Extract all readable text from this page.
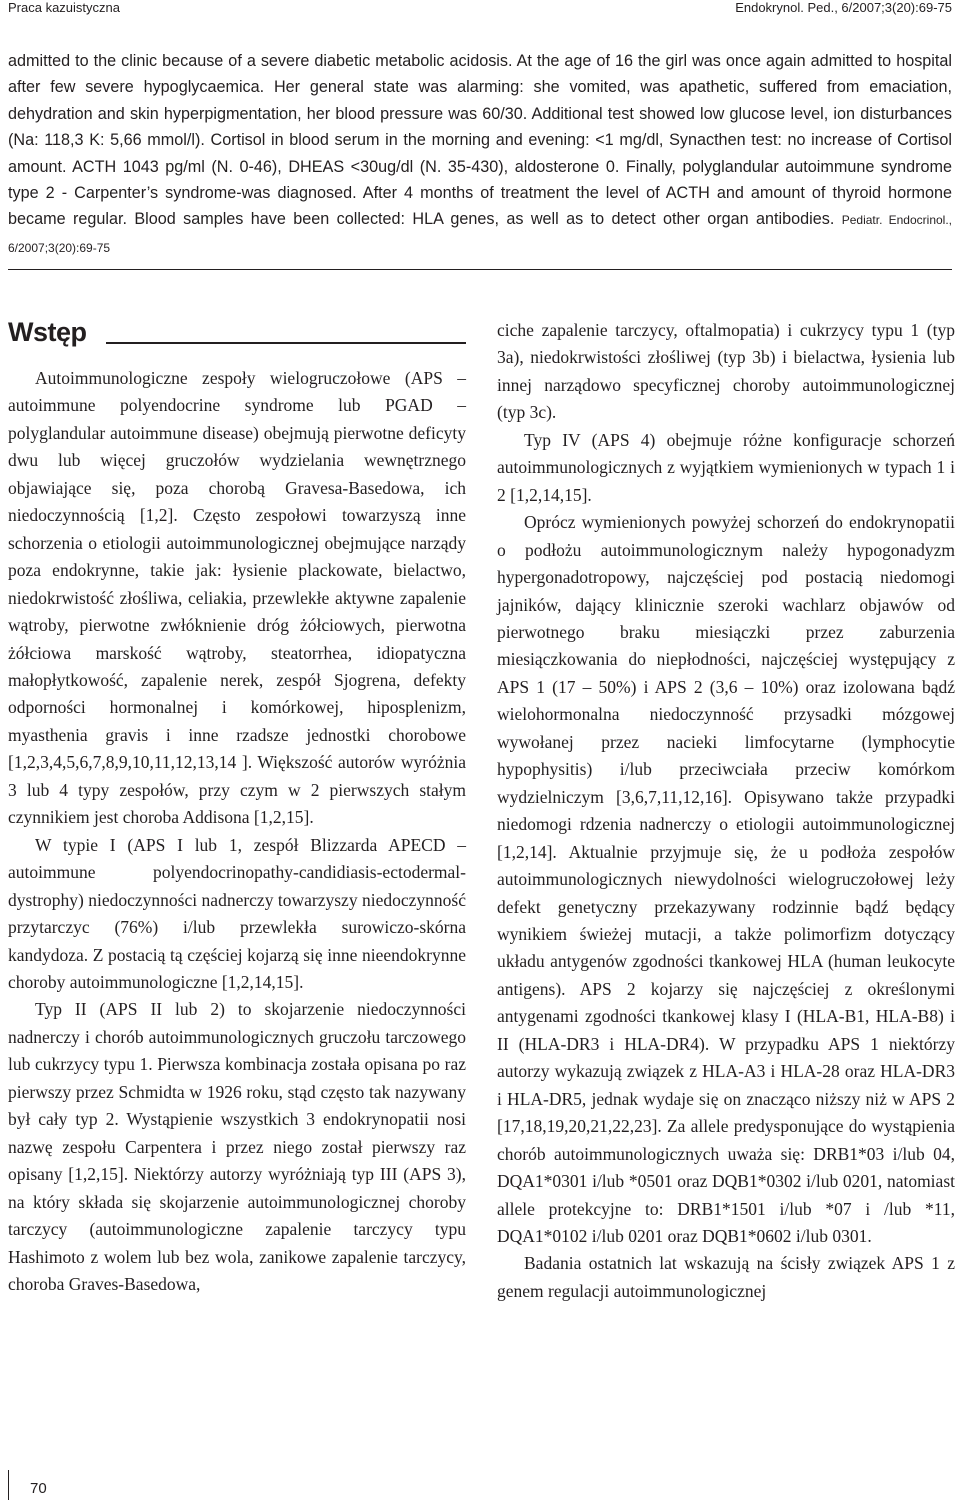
Praca kazuistyczna	Endokrynol. Ped., 6/2007;3(20):69-75
admitted to the clinic because of a severe diabetic metabolic acidosis. At the age of 16 the girl was once again admitted to hospital after few severe hypoglycaemica. Her general state was alarming: she vomited, was apathetic, suffered from emaciation, dehydration and skin hyperpigmentation, her blood pressure was 60/30. Additional test showed low glucose level, ion disturbances (Na: 118,3 K: 5,66 mmol/l). Cortisol in blood serum in the morning and evening: <1 mg/dl, Synacthen test: no increase of Cortisol amount. ACTH 1043 pg/ml (N. 0-46), DHEAS <30ug/dl (N. 35-430), aldosterone 0. Finally, polyglandular autoimmune syndrome type 2 - Carpenter’s syndrome-was diagnosed. After 4 months of treatment the level of ACTH and amount of thyroid hormone became regular. Blood samples have been collected: HLA genes, as well as to detect other organ antibodies. Pediatr. Endocrinol., 6/2007;3(20):69-75
Wstęp

Autoimmunologiczne zespoły wielogruczołowe (APS – autoimmune polyendocrine syndrome lub PGAD – polyglandular autoimmune disease) obejmują pierwotne deficyty dwu lub więcej gruczołów wydzielania wewnętrznego objawiające się, poza chorobą Gravesa-Basedowa, ich niedoczynnością [1,2]. Często zespołowi towarzyszą inne schorzenia o etiologii autoimmunologicznej obejmujące narządy poza endokrynne, takie jak: łysienie plackowate, bielactwo, niedokrwistość złośliwa, celiakia, przewlekłe aktywne zapalenie wątroby, pierwotne zwłóknienie dróg żółciowych, pierwotna żółciowa marskość wątroby, steatorrhea, idiopatyczna małopłytkowość, zapalenie nerek, zespół Sjogrena, defekty odporności hormonalnej i komórkowej, hiposplenizm, myasthenia gravis i inne rzadsze jednostki chorobowe [1,2,3,4,5,6,7,8,9,10,11,12,13,14 ]. Większość autorów wyróżnia 3 lub 4 typy zespołów, przy czym w 2 pierwszych stałym czynnikiem jest choroba Addisona [1,2,15].

W typie I (APS I lub 1, zespół Blizzarda APECD – autoimmune polyendocrinopathy-candidiasis-ectodermal-dystrophy) niedoczynności nadnerczy towarzyszy niedoczynność przytarczyc (76%) i/lub przewlekła surowiczo-skórna kandydoza. Z postacią tą częściej kojarzą się inne nieendokrynne choroby autoimmunologiczne [1,2,14,15].

Typ II (APS II lub 2) to skojarzenie niedoczynności nadnerczy i chorób autoimmunologicznych gruczołu tarczowego lub cukrzycy typu 1. Pierwsza kombinacja została opisana po raz pierwszy przez Schmidta w 1926 roku, stąd często tak nazywany był cały typ 2. Wystąpienie wszystkich 3 endokrynopatii nosi nazwę zespołu Carpentera i przez niego został pierwszy raz opisany [1,2,15]. Niektórzy autorzy wyróżniają typ III (APS 3), na który składa się skojarzenie autoimmunologicznej choroby tarczycy (autoimmunologiczne zapalenie tarczycy typu Hashimoto z wolem lub bez wola, zanikowe zapalenie tarczycy, choroba Graves-Basedowa,

ciche zapalenie tarczycy, oftalmopatia) i cukrzycy typu 1 (typ 3a), niedokrwistości złośliwej (typ 3b) i bielactwa, łysienia lub innej narządowo specyficznej choroby autoimmunologicznej (typ 3c).

Typ IV (APS 4) obejmuje różne konfiguracje schorzeń autoimmunologicznych z wyjątkiem wymienionych w typach 1 i 2 [1,2,14,15].

Oprócz wymienionych powyżej schorzeń do endokrynopatii o podłożu autoimmunologicznym należy hypogonadyzm hypergonadotropowy, najczęściej pod postacią niedomogi jajników, dający klinicznie szeroki wachlarz objawów od pierwotnego braku miesiączki przez zaburzenia miesiączkowania do niepłodności, najczęściej występujący z APS 1 (17 – 50%) i APS 2 (3,6 – 10%) oraz izolowana bądź wielohormonalna niedoczynność przysadki mózgowej wywołanej przez nacieki limfocytarne (lymphocytie hypophysitis) i/lub przeciwciała przeciw komórkom wydzielniczym [3,6,7,11,12,16]. Opisywano także przypadki niedomogi rdzenia nadnerczy o etiologii autoimmunologicznej [1,2,14]. Aktualnie przyjmuje się, że u podłoża zespołów autoimmunologicznych niewydolności wielogruczołowej leży defekt genetyczny przekazywany rodzinnie bądź będący wynikiem świeżej mutacji, a także polimorfizm dotyczący układu antygenów zgodności tkankowej HLA (human leukocyte antigens). APS 2 kojarzy się najczęściej z określonymi antygenami zgodności tkankowej klasy I (HLA-B1, HLA-B8) i II (HLA-DR3 i HLA-DR4). W przypadku APS 1 niektórzy autorzy wykazują związek z HLA-A3 i HLA-28 oraz HLA-DR3 i HLA-DR5, jednak wydaje się on znacząco niższy niż w APS 2 [17,18,19,20,21,22,23]. Za allele predysponujące do wystąpienia chorób autoimmunologicznych uważa się: DRB1*03 i/lub 04, DQA1*0301 i/lub *0501 oraz DQB1*0302 i/lub 0201, natomiast allele protekcyjne to: DRB1*1501 i/lub *07 i /lub *11, DQA1*0102 i/lub 0201 oraz DQB1*0602 i/lub 0301.

Badania ostatnich lat wskazują na ścisły związek APS 1 z genem regulacji autoimmunologicznej

70
